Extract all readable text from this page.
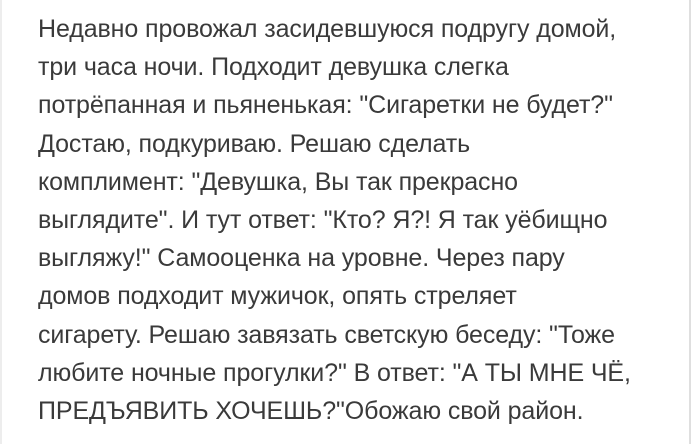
Недавно провожал засидевшуюся подругу домой,
три часа ночи. Подходит девушка слегка
потрёпанная и пьяненькая: "Сигаретки не будет?"
Достаю, подкуриваю. Решаю сделать
комплимент: "Девушка, Вы так прекрасно
выглядите". И тут ответ: "Кто? Я?! Я так уёбищно
выгляжу!" Самооценка на уровне. Через пару
домов подходит мужичок, опять стреляет
сигарету. Решаю завязать светскую беседу: "Тоже
любите ночные прогулки?" В ответ: "А ТЫ МНЕ ЧЁ,
ПРЕДЪЯВИТЬ ХОЧЕШЬ?"Обожаю свой район.
